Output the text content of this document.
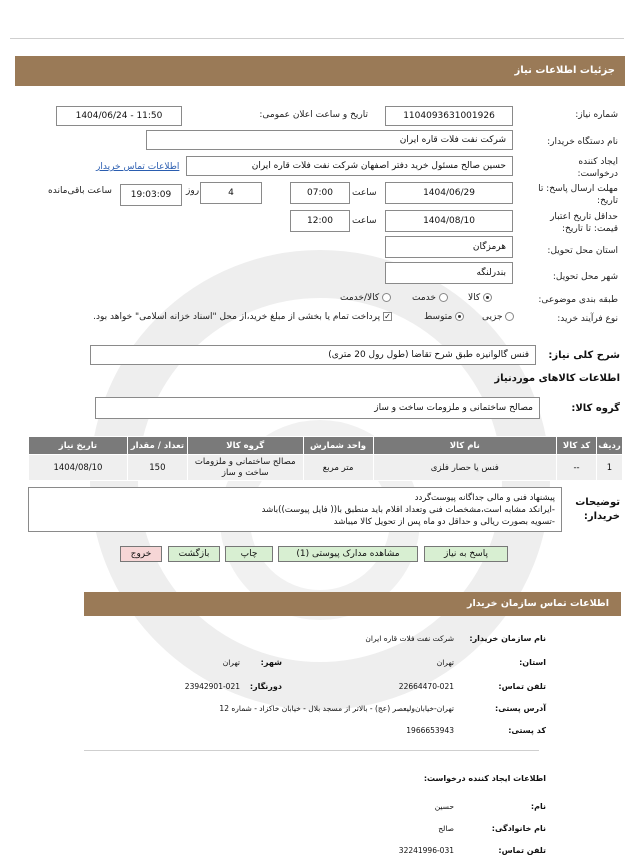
جزئیات اطلاعات نیاز
شماره نیاز:
1104093631001926
تاریخ و ساعت اعلان عمومی:
1404/06/24 - 11:50
نام دستگاه خریدار:
شرکت نفت فلات قاره ایران
ایجاد کننده
درخواست:
حسین صالح مسئول خرید دفتر اصفهان شرکت نفت فلات قاره ایران
اطلاعات تماس خریدار
مهلت ارسال پاسخ: تا
تاریخ:
1404/06/29
ساعت
07:00
4
روز
19:03:09
ساعت باقی‌مانده
حداقل تاریخ اعتبار
قیمت: تا تاریخ:
1404/08/10
ساعت
12:00
استان محل تحویل:
هرمزگان
شهر محل تحویل:
بندرلنگه
طبقه بندی موضوعی:
کالا
خدمت
کالا/خدمت
نوع فرآیند خرید:
جزیی
متوسط
✓ پرداخت تمام یا بخشی از مبلغ خرید،از محل "اسناد خزانه اسلامی" خواهد بود.
شرح کلی نیاز:
فنس گالوانیزه طبق شرح تقاضا (طول رول 20 متری)
اطلاعات کالاهای موردنیاز
گروه کالا:
مصالح ساختمانی و ملزومات ساخت و ساز
ردیف	کد کالا	نام کالا	واحد شمارش	گروه کالا	تعداد / مقدار	تاریخ نیاز
1	--	فنس یا حصار فلزی	متر مربع	مصالح ساختمانی و ملزومات ساخت و ساز	150	1404/08/10
توضیحات
خریدار:
پیشنهاد فنی و مالی جداگانه پیوست‌گردد
-ایرانکد مشابه است،مشخصات فنی وتعداد اقلام باید منطبق با(( فایل پیوست))باشد
-تسویه بصورت ریالی و حداقل دو ماه پس از تحویل کالا میباشد
پاسخ به نیاز
مشاهده مدارک پیوستی (1)
چاپ
بازگشت
خروج
اطلاعات تماس سازمان خریدار
نام سازمان خریدار:
شرکت نفت فلات قاره ایران
استان:
تهران
شهر:
تهران
تلفن تماس:
22664470-021
دورنگار:
23942901-021
آدرس پستی:
تهران-خیابان‌ولیعصر (عج) - بالاتر از مسجد بلال - خیابان خاکزاد - شماره 12
کد پستی:
1966653943
اطلاعات ایجاد کننده درخواست:
نام:
حسین
نام خانوادگی:
صالح
تلفن تماس:
32241996-031
